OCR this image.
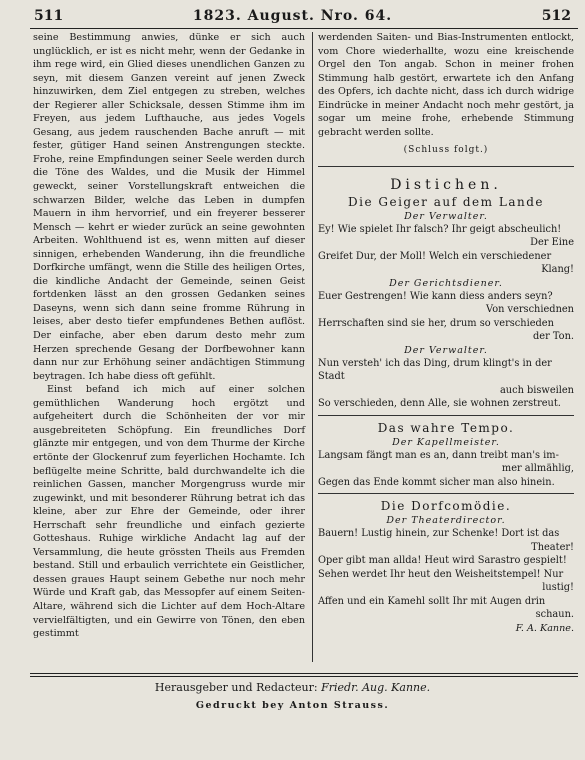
511	1823. August. Nro. 64.	512

seine Bestimmung anwies, dünke er sich auch unglücklich, er ist es nicht mehr, wenn der Gedanke in ihm rege wird, ein Glied dieses unendlichen Ganzen zu seyn, mit diesem Ganzen vereint auf jenen Zweck hinzuwirken, dem Ziel entgegen zu streben, welches der Regierer aller Schicksale, dessen Stimme ihm im Freyen, aus jedem Lufthauche, aus jedes Vogels Gesang, aus jedem rauschenden Bache anruft — mit fester, gütiger Hand seinen Anstrengungen steckte. Frohe, reine Empfindungen seiner Seele werden durch die Töne des Waldes, und die Musik der Himmel geweckt, seiner Vorstellungskraft entweichen die schwarzen Bilder, welche das Leben in dumpfen Mauern in ihm hervorrief, und ein freyerer besserer Mensch — kehrt er wieder zurück an seine gewohnten Arbeiten. Wohlthuend ist es, wenn mitten auf dieser sinnigen, erhebenden Wanderung, ihn die freundliche Dorfkirche umfängt, wenn die Stille des heiligen Ortes, die kindliche Andacht der Gemeinde, seinen Geist fortdenken lässt an den grossen Gedanken seines Daseyns, wenn sich dann seine fromme Rührung in leises, aber desto tiefer empfundenes Bethen auflöst. Der einfache, aber eben darum desto mehr zum Herzen sprechende Gesang der Dorfbewohner kann dann nur zur Erhöhung seiner andächtigen Stimmung beytragen. Ich habe diess oft gefühlt.

Einst befand ich mich auf einer solchen gemüthlichen Wanderung hoch ergötzt und aufgeheitert durch die Schönheiten der vor mir ausgebreiteten Schöpfung. Ein freundliches Dorf glänzte mir entgegen, und von dem Thurme der Kirche ertönte der Glockenruf zum feyerlichen Hochamte. Ich beflügelte meine Schritte, bald durchwandelte ich die reinlichen Gassen, mancher Morgengruss wurde mir zugewinkt, und mit besonderer Rührung betrat ich das kleine, aber zur Ehre der Gemeinde, oder ihrer Herrschaft sehr freundliche und einfach gezierte Gotteshaus. Ruhige wirkliche Andacht lag auf der Versammlung, die heute grössten Theils aus Fremden bestand. Still und erbaulich verrichtete ein Geistlicher, dessen graues Haupt seinem Gebethe nur noch mehr Würde und Kraft gab, das Messopfer auf einem Seiten-Altare, während sich die Lichter auf dem Hoch-Altare vervielfältigten, und ein Gewirre von Tönen, den eben gestimmt

werdenden Saiten- und Bias-Instrumenten entlockt, vom Chore wiederhallte, wozu eine kreischende Orgel den Ton angab. Schon in meiner frohen Stimmung halb gestört, erwartete ich den Anfang des Opfers, ich dachte nicht, dass ich durch widrige Eindrücke in meiner Andacht noch mehr gestört, ja sogar um meine frohe, erhebende Stimmung gebracht werden sollte.

(Schluss folgt.)
Distichen.
Die Geiger auf dem Lande
Der Verwalter.
Ey! Wie spielet Ihr falsch? Ihr geigt abscheulich!
Der Eine
Greifet Dur, der Moll! Welch ein verschiedener
Klang!
Der Gerichtsdiener.
Euer Gestrengen! Wie kann diess anders seyn?
Von verschiednen
Herrschaften sind sie her, drum so verschieden
der Ton.
Der Verwalter.
Nun versteh' ich das Ding, drum klingt's in der Stadt
auch bisweilen
So verschieden, denn Alle, sie wohnen zerstreut.
Das wahre Tempo.
Der Kapellmeister.
Langsam fängt man es an, dann treibt man's im-
mer allmählig,
Gegen das Ende kommt sicher man also hinein.
Die Dorfcomödie.
Der Theaterdirector.
Bauern! Lustig hinein, zur Schenke! Dort ist das
Theater!
Oper gibt man allda! Heut wird Sarastro gespielt!
Sehen werdet Ihr heut den Weisheitstempel! Nur
lustig!
Affen und ein Kamehl sollt Ihr mit Augen drin
schaun.
F. A. Kanne.
Herausgeber und Redacteur: Friedr. Aug. Kanne.
Gedruckt bey Anton Strauss.
